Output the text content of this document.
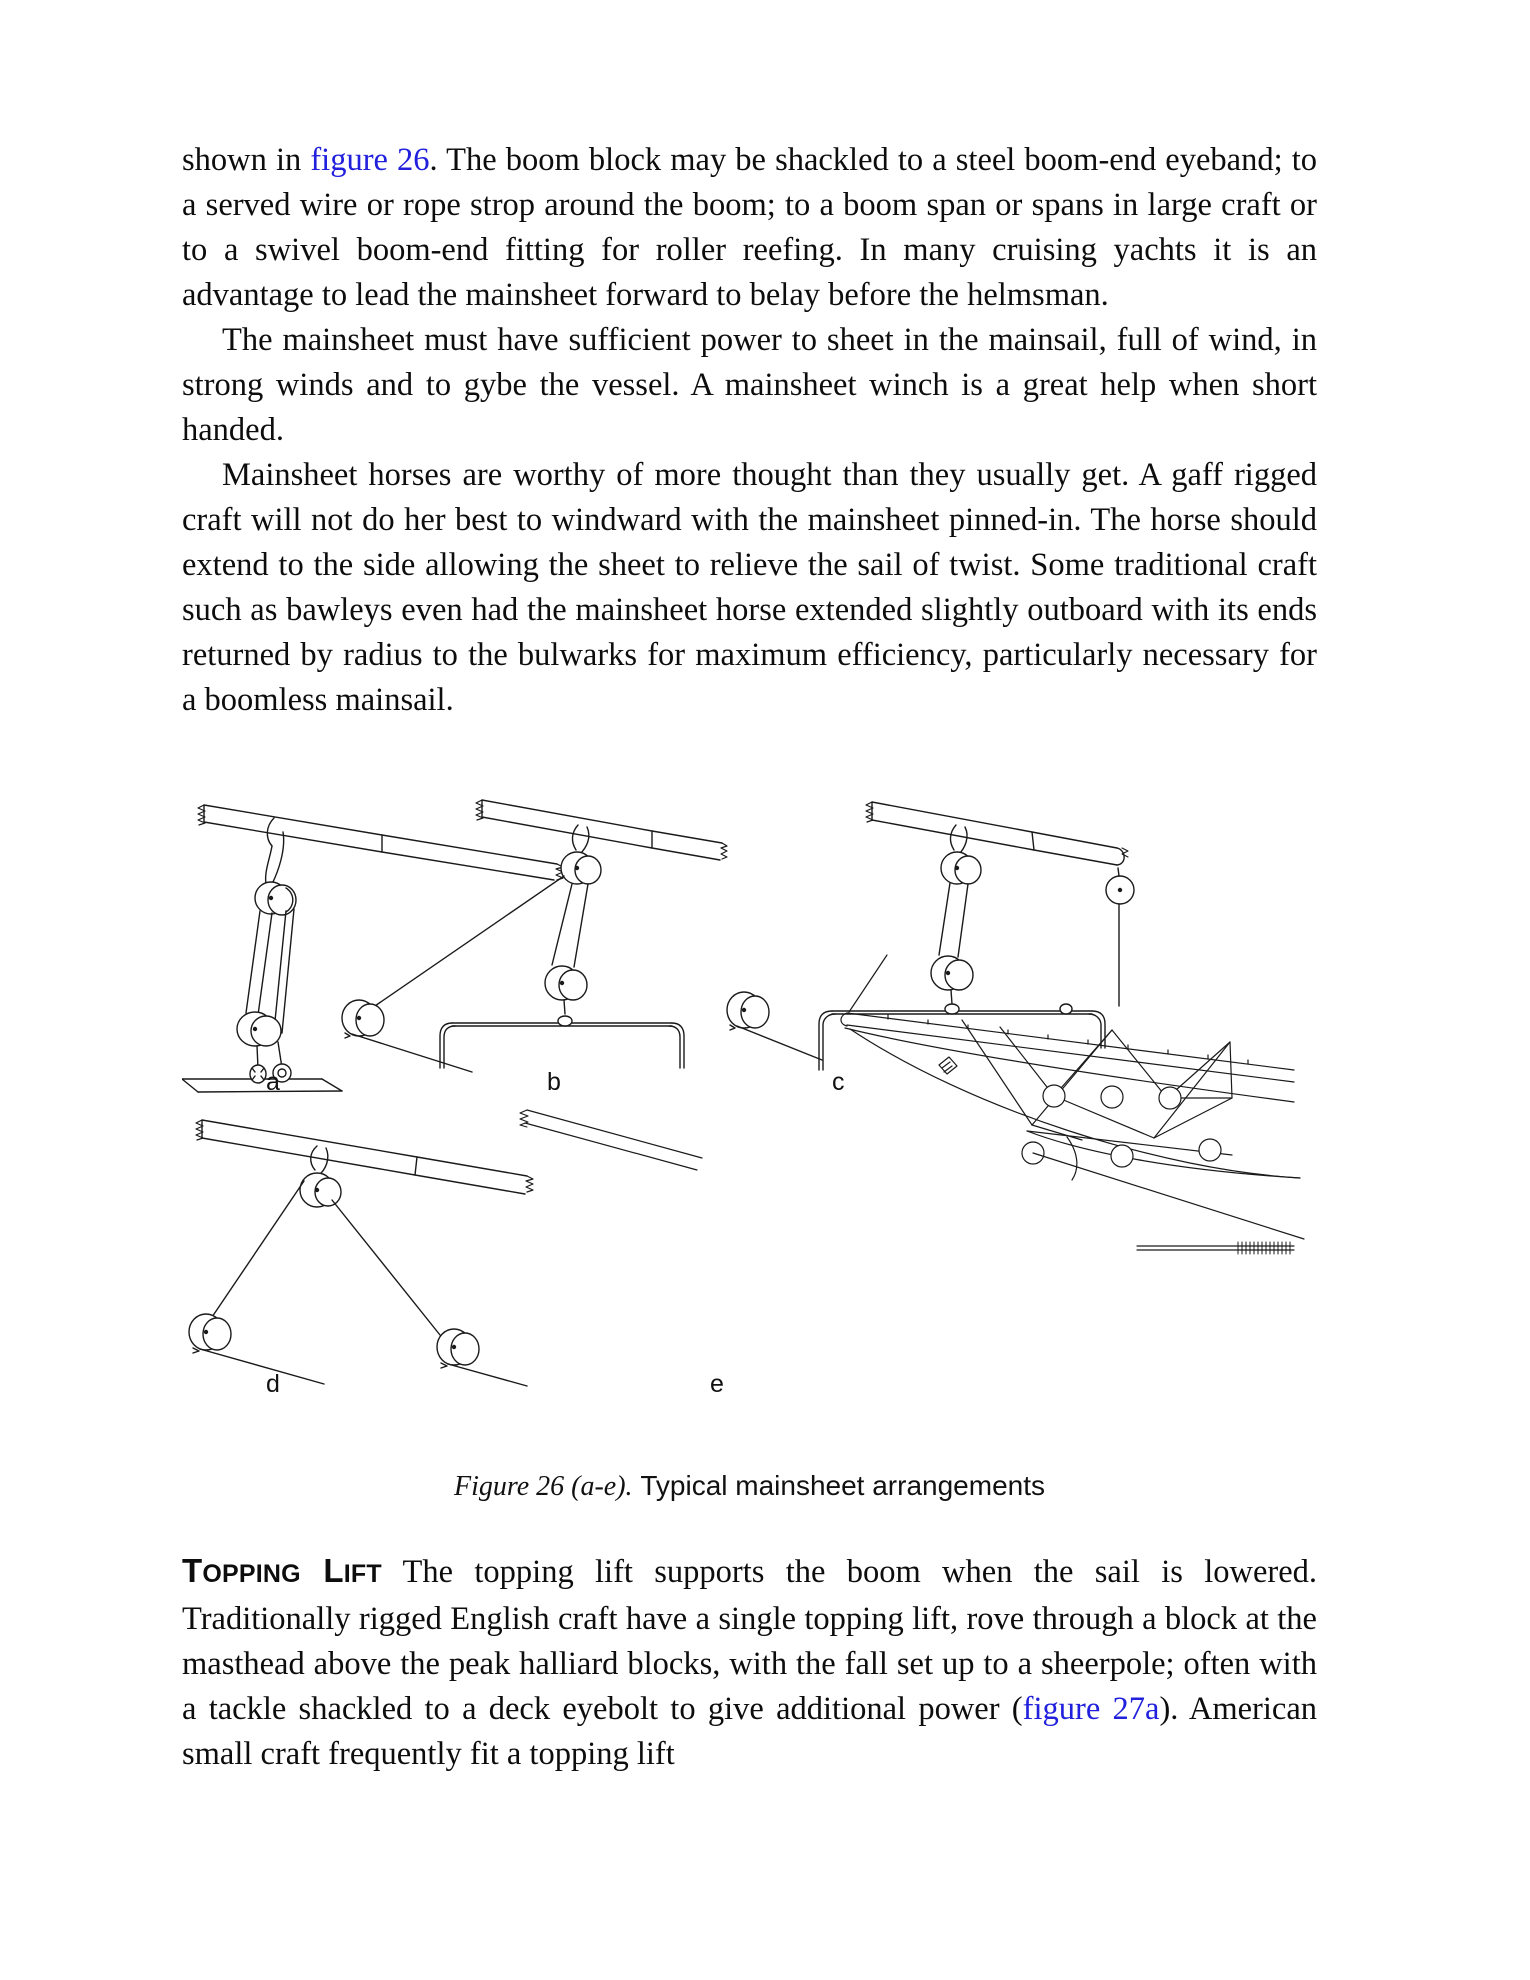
shown in figure 26. The boom block may be shackled to a steel boom-end eyeband; to a served wire or rope strop around the boom; to a boom span or spans in large craft or to a swivel boom-end fitting for roller reefing. In many cruising yachts it is an advantage to lead the mainsheet forward to belay before the helmsman.

The mainsheet must have sufficient power to sheet in the mainsail, full of wind, in strong winds and to gybe the vessel. A mainsheet winch is a great help when short handed.

Mainsheet horses are worthy of more thought than they usually get. A gaff rigged craft will not do her best to windward with the mainsheet pinned-in. The horse should extend to the side allowing the sheet to relieve the sail of twist. Some traditional craft such as bawleys even had the mainsheet horse extended slightly outboard with its ends returned by radius to the bulwarks for maximum efficiency, particularly necessary for a boomless mainsail.

a	b	c
d	e
Figure 26 (a-e). Typical mainsheet arrangements

TOPPING LIFT The topping lift supports the boom when the sail is lowered. Traditionally rigged English craft have a single topping lift, rove through a block at the masthead above the peak halliard blocks, with the fall set up to a sheerpole; often with a tackle shackled to a deck eyebolt to give additional power (figure 27a). American small craft frequently fit a topping lift
